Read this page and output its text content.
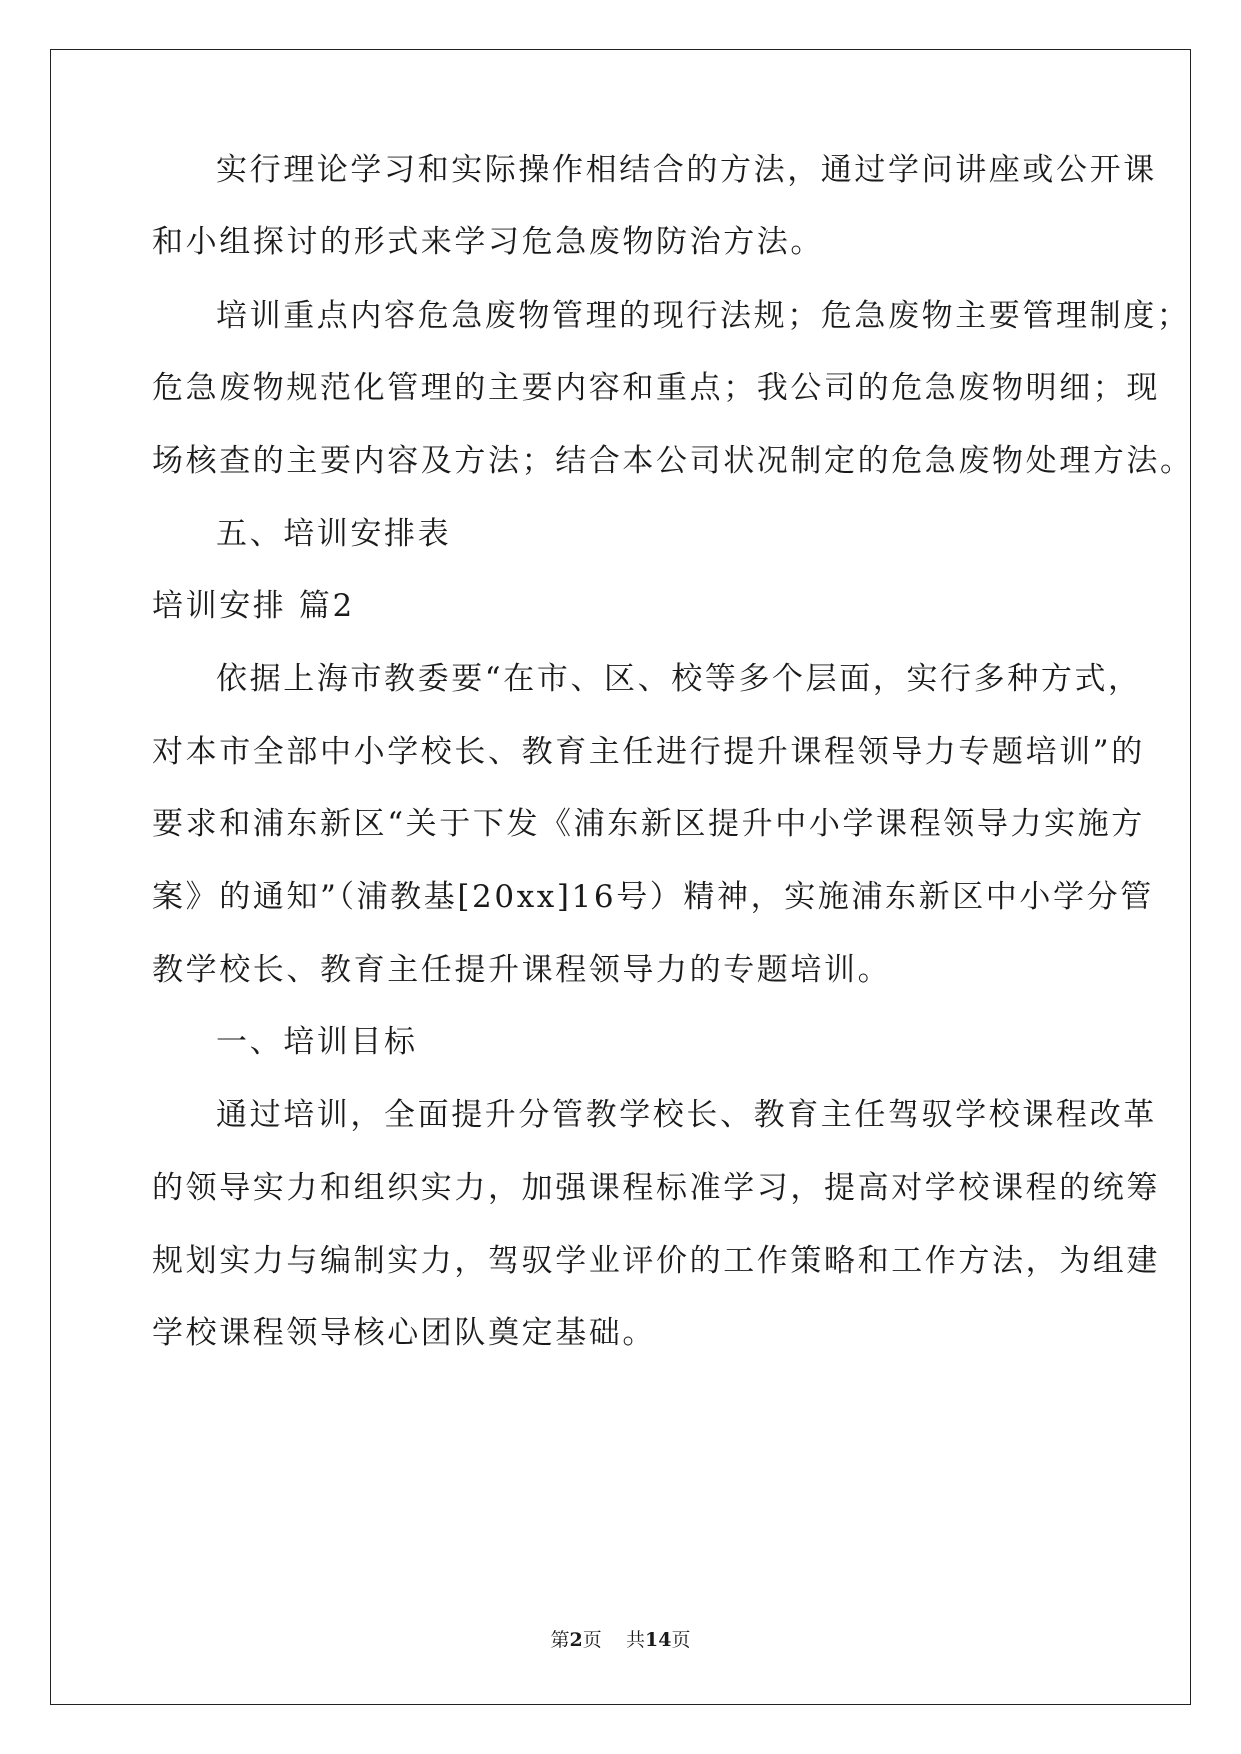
实行理论学习和实际操作相结合的方法，通过学问讲座或公开课
和小组探讨的形式来学习危急废物防治方法。
培训重点内容危急废物管理的现行法规；危急废物主要管理制度；
危急废物规范化管理的主要内容和重点；我公司的危急废物明细；现
场核查的主要内容及方法；结合本公司状况制定的危急废物处理方法。
五、培训安排表
培训安排 篇2
依据上海市教委要“在市、区、校等多个层面，实行多种方式，
对本市全部中小学校长、教育主任进行提升课程领导力专题培训”的
要求和浦东新区“关于下发《浦东新区提升中小学课程领导力实施方
案》的通知”（浦教基[20xx]16号）精神，实施浦东新区中小学分管
教学校长、教育主任提升课程领导力的专题培训。
一、培训目标
通过培训，全面提升分管教学校长、教育主任驾驭学校课程改革
的领导实力和组织实力，加强课程标准学习，提高对学校课程的统筹
规划实力与编制实力，驾驭学业评价的工作策略和工作方法，为组建
学校课程领导核心团队奠定基础。
第2页 共14页
